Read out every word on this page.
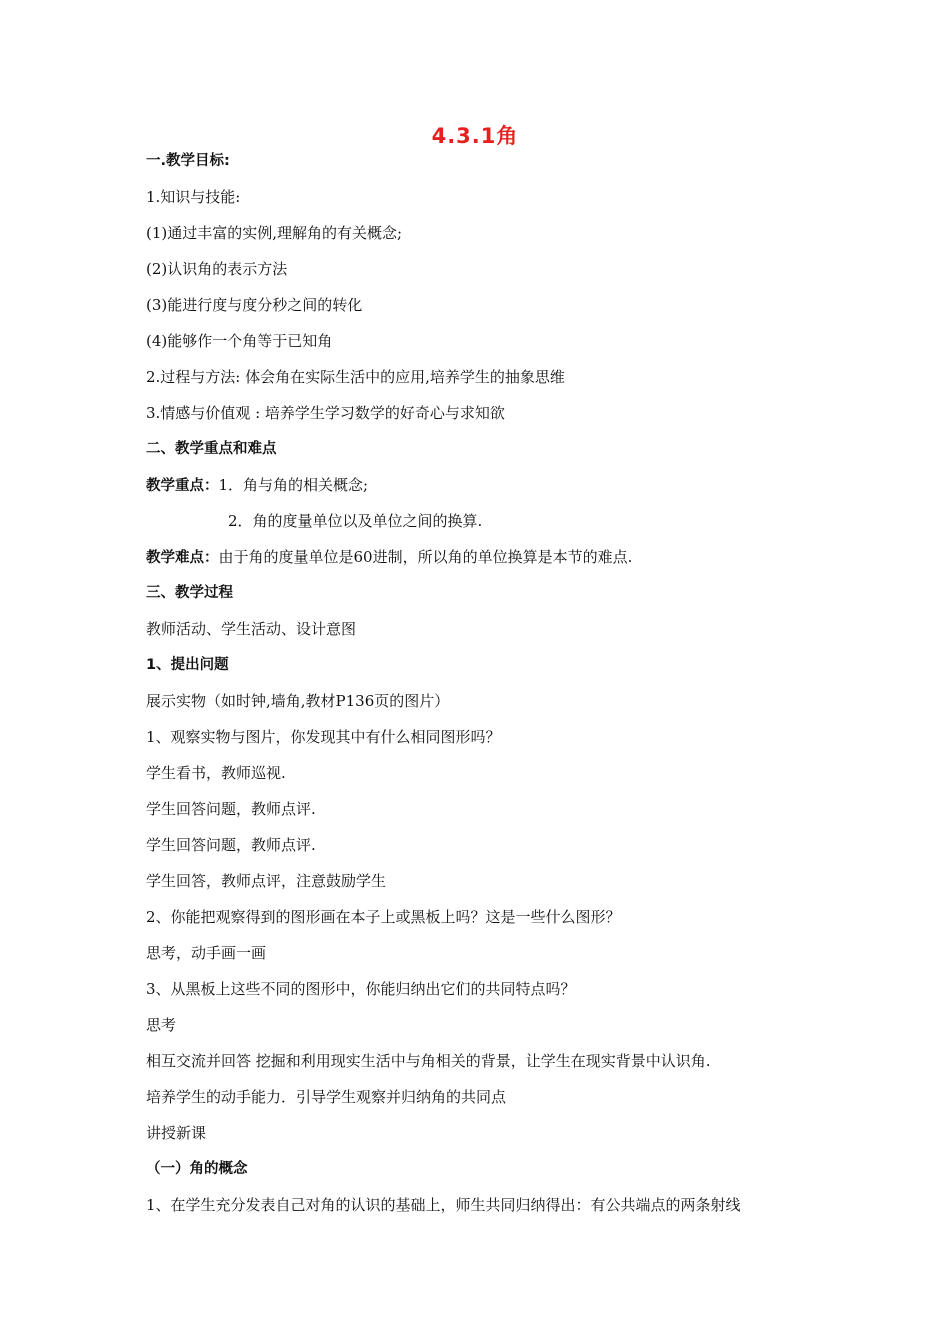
4.3.1角
一.教学目标:
1.知识与技能:
(1)通过丰富的实例,理解角的有关概念;
(2)认识角的表示方法
(3)能进行度与度分秒之间的转化
(4)能够作一个角等于已知角
2.过程与方法: 体会角在实际生活中的应用,培养学生的抽象思维
3.情感与价值观 : 培养学生学习数学的好奇心与求知欲
二、教学重点和难点
教学重点：1．角与角的相关概念;
2．角的度量单位以及单位之间的换算.
教学难点：由于角的度量单位是60进制，所以角的单位换算是本节的难点.
三、教学过程
教师活动、学生活动、设计意图
1、提出问题
展示实物（如时钟,墙角,教材P136页的图片）
1、观察实物与图片，你发现其中有什么相同图形吗？
学生看书，教师巡视.
学生回答问题，教师点评.
学生回答问题，教师点评.
学生回答，教师点评，注意鼓励学生
2、你能把观察得到的图形画在本子上或黑板上吗？这是一些什么图形？
思考，动手画一画
3、从黑板上这些不同的图形中，你能归纳出它们的共同特点吗？
思考
相互交流并回答 挖掘和利用现实生活中与角相关的背景，让学生在现实背景中认识角.
培养学生的动手能力．引导学生观察并归纳角的共同点
讲授新课
（一）角的概念
1、在学生充分发表自己对角的认识的基础上，师生共同归纳得出：有公共端点的两条射线
